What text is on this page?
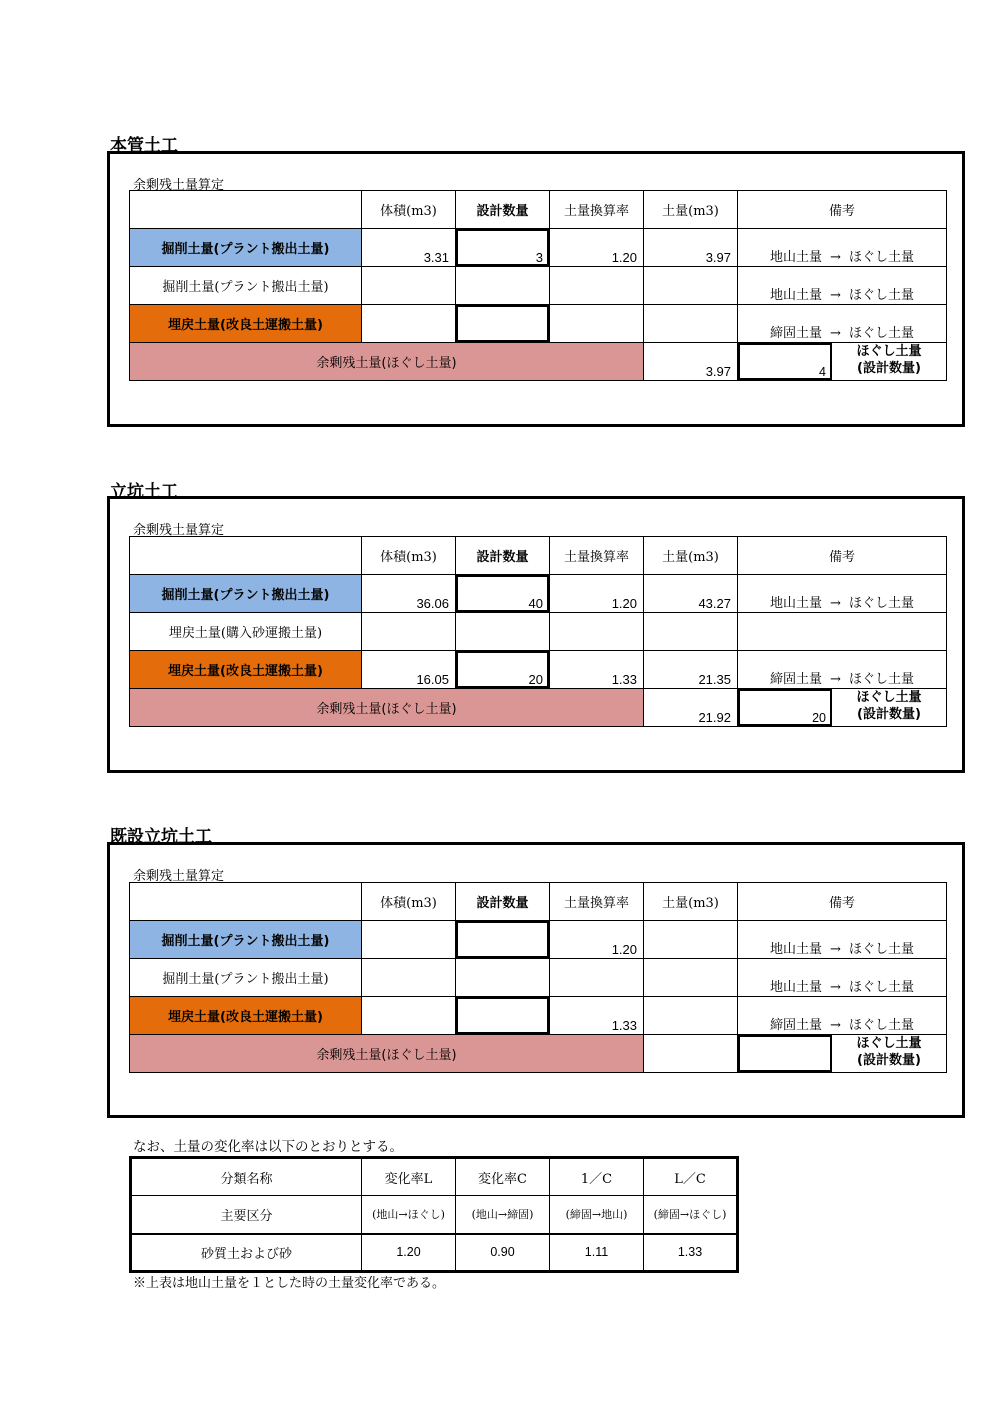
本管土工
余剰残土量算定
	体積(m3)	設計数量	土量換算率	土量(m3)	備考
掘削土量(プラント搬出土量)	3.31	3	1.20	3.97	地山土量 → ほぐし土量
掘削土量(プラント搬出土量)					地山土量 → ほぐし土量
埋戻土量(改良土運搬土量)					締固土量 → ほぐし土量
余剰残土量(ほぐし土量)				3.97	4
ほぐし土量
(設計数量)
立坑土工
余剰残土量算定
	体積(m3)	設計数量	土量換算率	土量(m3)	備考
掘削土量(プラント搬出土量)	36.06	40	1.20	43.27	地山土量 → ほぐし土量
埋戻土量(購入砂運搬土量)					
埋戻土量(改良土運搬土量)	16.05	20	1.33	21.35	締固土量 → ほぐし土量
余剰残土量(ほぐし土量)				21.92	20
ほぐし土量
(設計数量)
既設立坑土工
余剰残土量算定
	体積(m3)	設計数量	土量換算率	土量(m3)	備考
掘削土量(プラント搬出土量)			1.20		地山土量 → ほぐし土量
掘削土量(プラント搬出土量)					地山土量 → ほぐし土量
埋戻土量(改良土運搬土量)			1.33		締固土量 → ほぐし土量
余剰残土量(ほぐし土量)					ほぐし土量
(設計数量)
なお、土量の変化率は以下のとおりとする。
分類名称	変化率L	変化率C	1／C	L／C
主要区分	(地山→ほぐし)	(地山→締固)	(締固→地山)	(締固→ほぐし)
砂質土および砂	1.20	0.90	1.11	1.33
※上表は地山土量を１とした時の土量変化率である。
